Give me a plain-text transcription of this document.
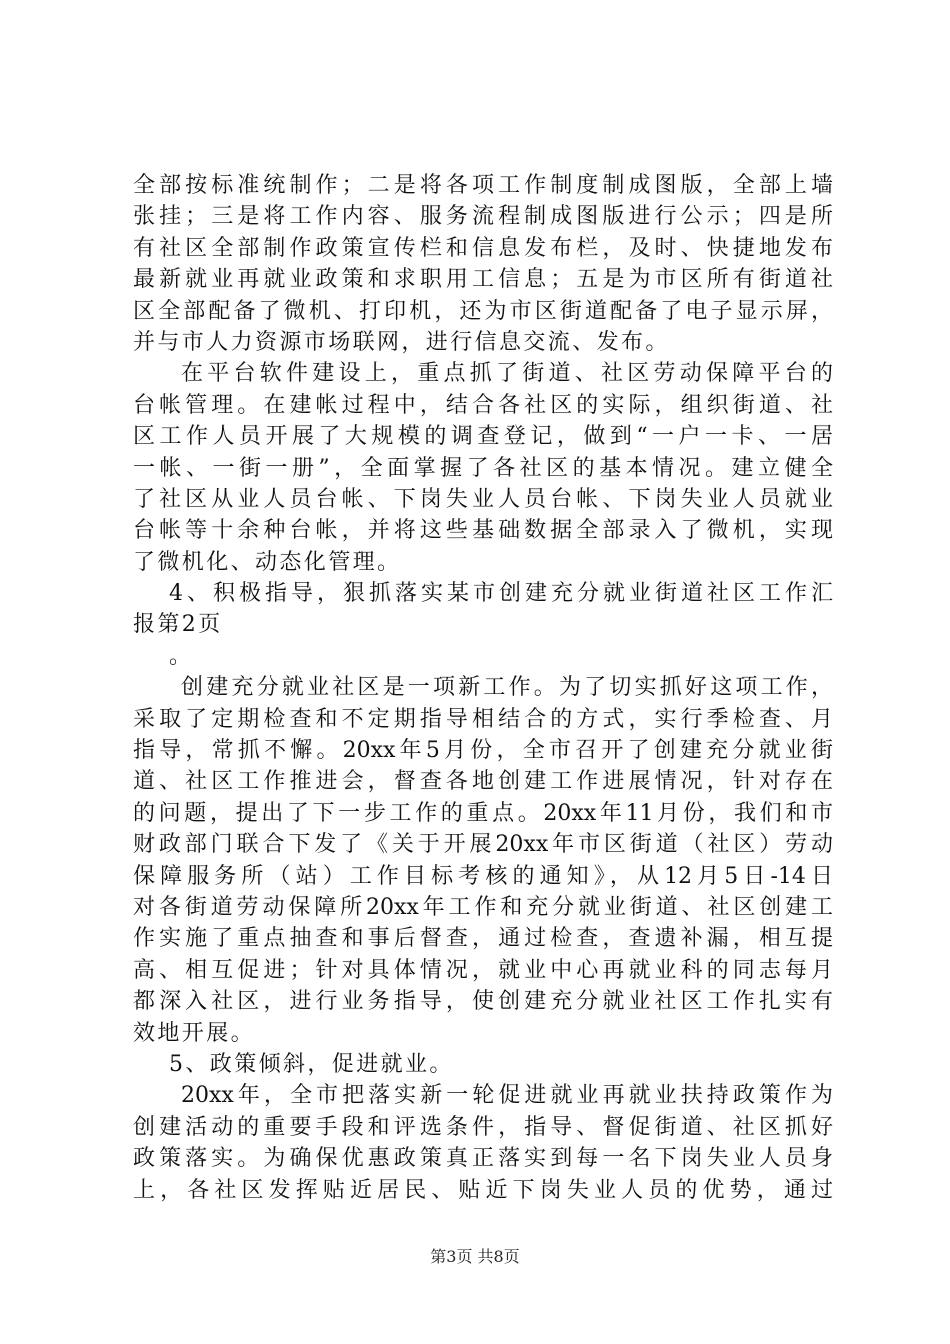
全部按标准统制作；二是将各项工作制度制成图版，全部上墙
张挂；三是将工作内容、服务流程制成图版进行公示；四是所
有社区全部制作政策宣传栏和信息发布栏，及时、快捷地发布
最新就业再就业政策和求职用工信息；五是为市区所有街道社
区全部配备了微机、打印机，还为市区街道配备了电子显示屏，
并与市人力资源市场联网，进行信息交流、发布。
在平台软件建设上，重点抓了街道、社区劳动保障平台的
台帐管理。在建帐过程中，结合各社区的实际，组织街道、社
区工作人员开展了大规模的调查登记，做到“一户一卡、一居
一帐、一街一册”，全面掌握了各社区的基本情况。建立健全
了社区从业人员台帐、下岗失业人员台帐、下岗失业人员就业
台帐等十余种台帐，并将这些基础数据全部录入了微机，实现
了微机化、动态化管理。
4、积极指导，狠抓落实某市创建充分就业街道社区工作汇
报第2页
。
创建充分就业社区是一项新工作。为了切实抓好这项工作，
采取了定期检查和不定期指导相结合的方式，实行季检查、月
指导，常抓不懈。20xx年5月份，全市召开了创建充分就业街
道、社区工作推进会，督查各地创建工作进展情况，针对存在
的问题，提出了下一步工作的重点。20xx年11月份，我们和市
财政部门联合下发了《关于开展20xx年市区街道（社区）劳动
保障服务所（站）工作目标考核的通知》，从12月5日-14日
对各街道劳动保障所20xx年工作和充分就业街道、社区创建工
作实施了重点抽查和事后督查，通过检查，查遗补漏，相互提
高、相互促进；针对具体情况，就业中心再就业科的同志每月
都深入社区，进行业务指导，使创建充分就业社区工作扎实有
效地开展。
5、政策倾斜，促进就业。
20xx年，全市把落实新一轮促进就业再就业扶持政策作为
创建活动的重要手段和评选条件，指导、督促街道、社区抓好
政策落实。为确保优惠政策真正落实到每一名下岗失业人员身
上，各社区发挥贴近居民、贴近下岗失业人员的优势，通过
第3页 共8页
